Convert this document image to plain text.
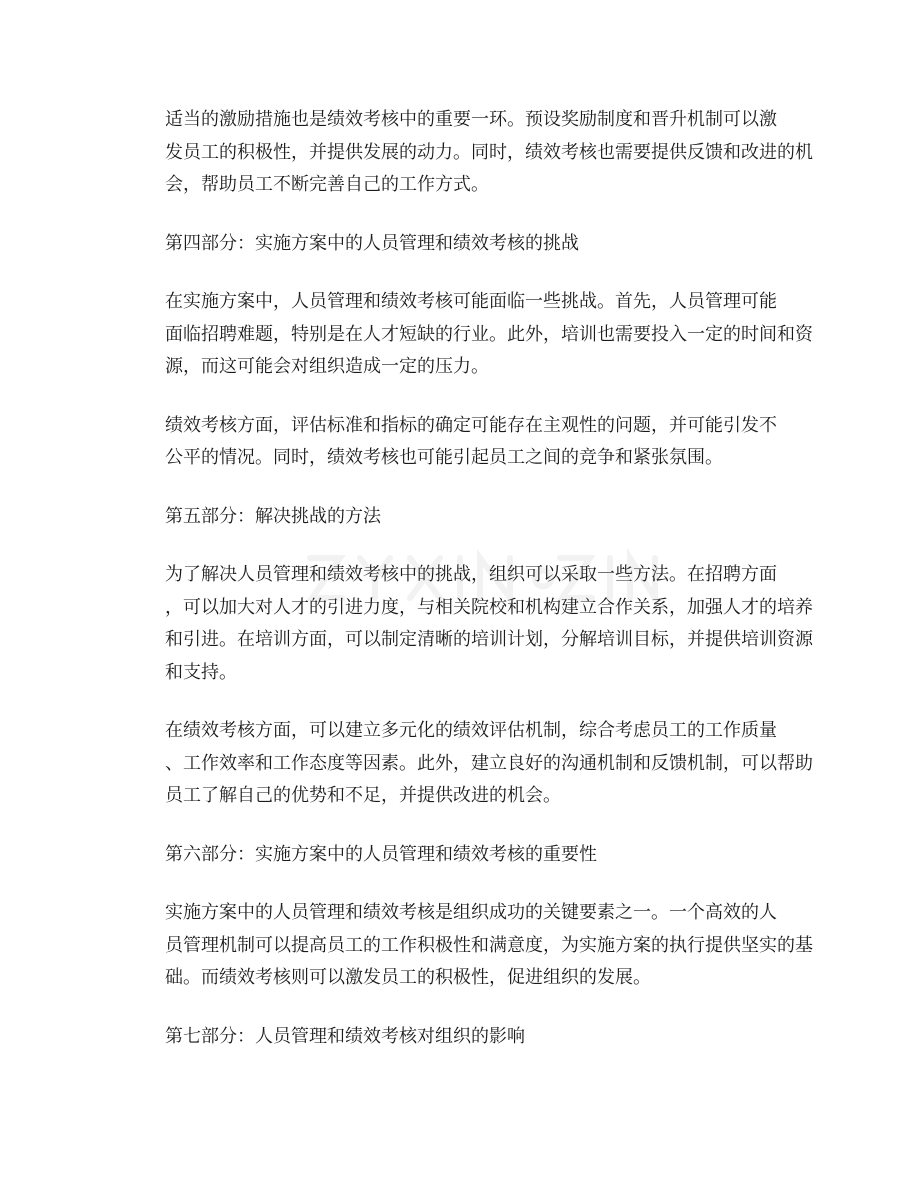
适当的激励措施也是绩效考核中的重要一环。预设奖励制度和晋升机制可以激
发员工的积极性，并提供发展的动力。同时，绩效考核也需要提供反馈和改进的机
会，帮助员工不断完善自己的工作方式。

第四部分：实施方案中的人员管理和绩效考核的挑战

在实施方案中，人员管理和绩效考核可能面临一些挑战。首先，人员管理可能
面临招聘难题，特别是在人才短缺的行业。此外，培训也需要投入一定的时间和资
源，而这可能会对组织造成一定的压力。

绩效考核方面，评估标准和指标的确定可能存在主观性的问题，并可能引发不
公平的情况。同时，绩效考核也可能引起员工之间的竞争和紧张氛围。

第五部分：解决挑战的方法

为了解决人员管理和绩效考核中的挑战，组织可以采取一些方法。在招聘方面
，可以加大对人才的引进力度，与相关院校和机构建立合作关系，加强人才的培养
和引进。在培训方面，可以制定清晰的培训计划，分解培训目标，并提供培训资源
和支持。

在绩效考核方面，可以建立多元化的绩效评估机制，综合考虑员工的工作质量
、工作效率和工作态度等因素。此外，建立良好的沟通机制和反馈机制，可以帮助
员工了解自己的优势和不足，并提供改进的机会。

第六部分：实施方案中的人员管理和绩效考核的重要性

实施方案中的人员管理和绩效考核是组织成功的关键要素之一。一个高效的人
员管理机制可以提高员工的工作积极性和满意度，为实施方案的执行提供坚实的基
础。而绩效考核则可以激发员工的积极性，促进组织的发展。

第七部分：人员管理和绩效考核对组织的影响
